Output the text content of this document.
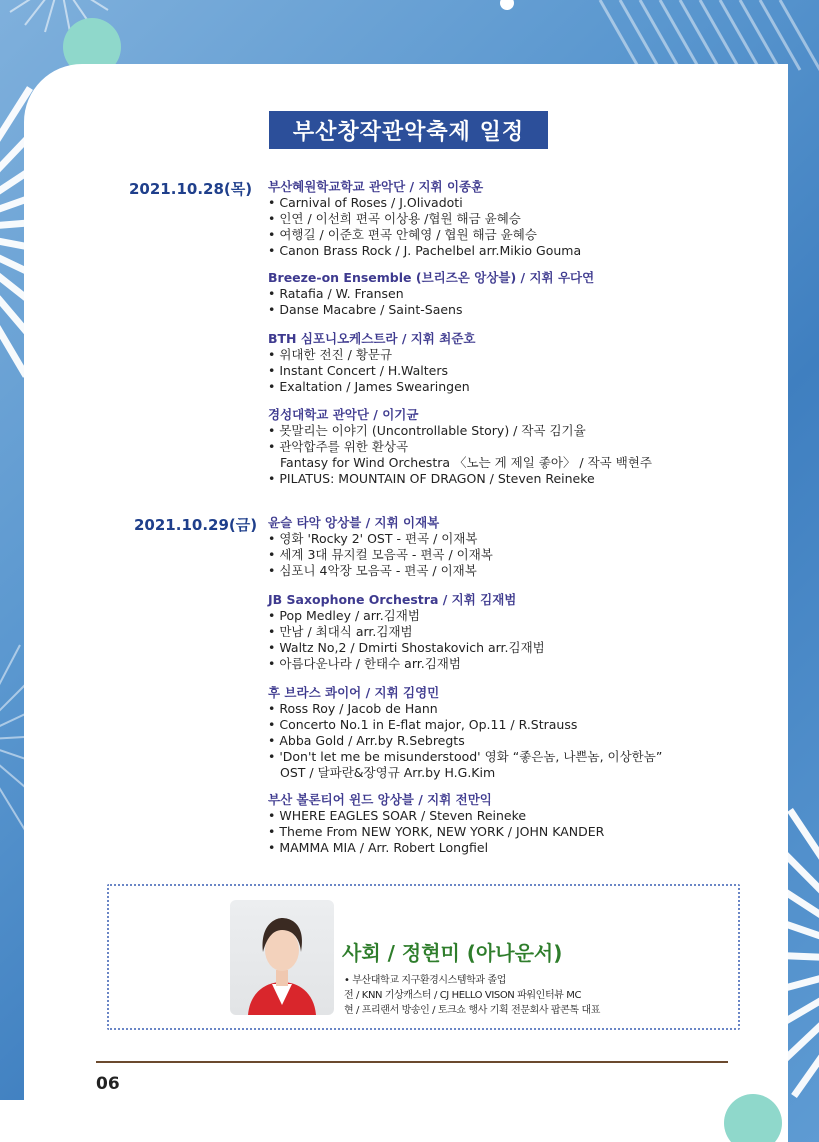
부산창작관악축제 일정
2021.10.28(목) 부산혜원학교학교 관악단 / 지휘 이종훈
• Carnival of Roses / J.Olivadoti
• 인연 / 이선희 편곡 이상용 /협원 해금 윤혜승
• 여행길 / 이준호 편곡 안혜영 / 협원 해금 윤혜승
• Canon Brass Rock / J. Pachelbel arr.Mikio Gouma
Breeze-on Ensemble (브리즈온 앙상블) / 지휘 우다연
• Ratafia / W. Fransen
• Danse Macabre / Saint-Saens
BTH 심포니오케스트라 / 지휘 최준호
• 위대한 전진 / 황문규
• Instant Concert / H.Walters
• Exaltation / James Swearingen
경성대학교 관악단 / 이기균
• 못말리는 이야기 (Uncontrollable Story) / 작곡 김기율
• 관악합주를 위한 환상곡
Fantasy for Wind Orchestra 〈노는 게 제일 좋아〉 / 작곡 백현주
• PILATUS: MOUNTAIN OF DRAGON / Steven Reineke
2021.10.29(금) 윤슬 타악 앙상블 / 지휘 이재복
• 영화 'Rocky 2' OST - 편곡 / 이재복
• 세계 3대 뮤지컬 모음곡 - 편곡 / 이재복
• 심포니 4악장 모음곡 - 편곡 / 이재복
JB Saxophone Orchestra / 지휘 김재범
• Pop Medley / arr.김재범
• 만남 / 최대식 arr.김재범
• Waltz No,2 / Dmirti Shostakovich arr.김재범
• 아름다운나라 / 한태수 arr.김재범
후 브라스 콰이어 / 지휘 김영민
• Ross Roy / Jacob de Hann
• Concerto No.1 in E-flat major, Op.11 / R.Strauss
• Abba Gold / Arr.by R.Sebregts
• 'Don't let me be misunderstood' 영화 “좋은놈, 나쁜놈, 이상한놈”
OST / 달파란&장영규 Arr.by H.G.Kim
부산 볼론티어 윈드 앙상블 / 지휘 전만익
• WHERE EAGLES SOAR / Steven Reineke
• Theme From NEW YORK, NEW YORK / JOHN KANDER
• MAMMA MIA / Arr. Robert Longfiel
사회 / 정현미 (아나운서)
• 부산대학교 지구환경시스템학과 졸업
전 / KNN 기상캐스터 / CJ HELLO VISON 파워인터뷰 MC
현 / 프리랜서 방송인 / 토크쇼 행사 기획 전문회사 팝콘톡 대표
06
